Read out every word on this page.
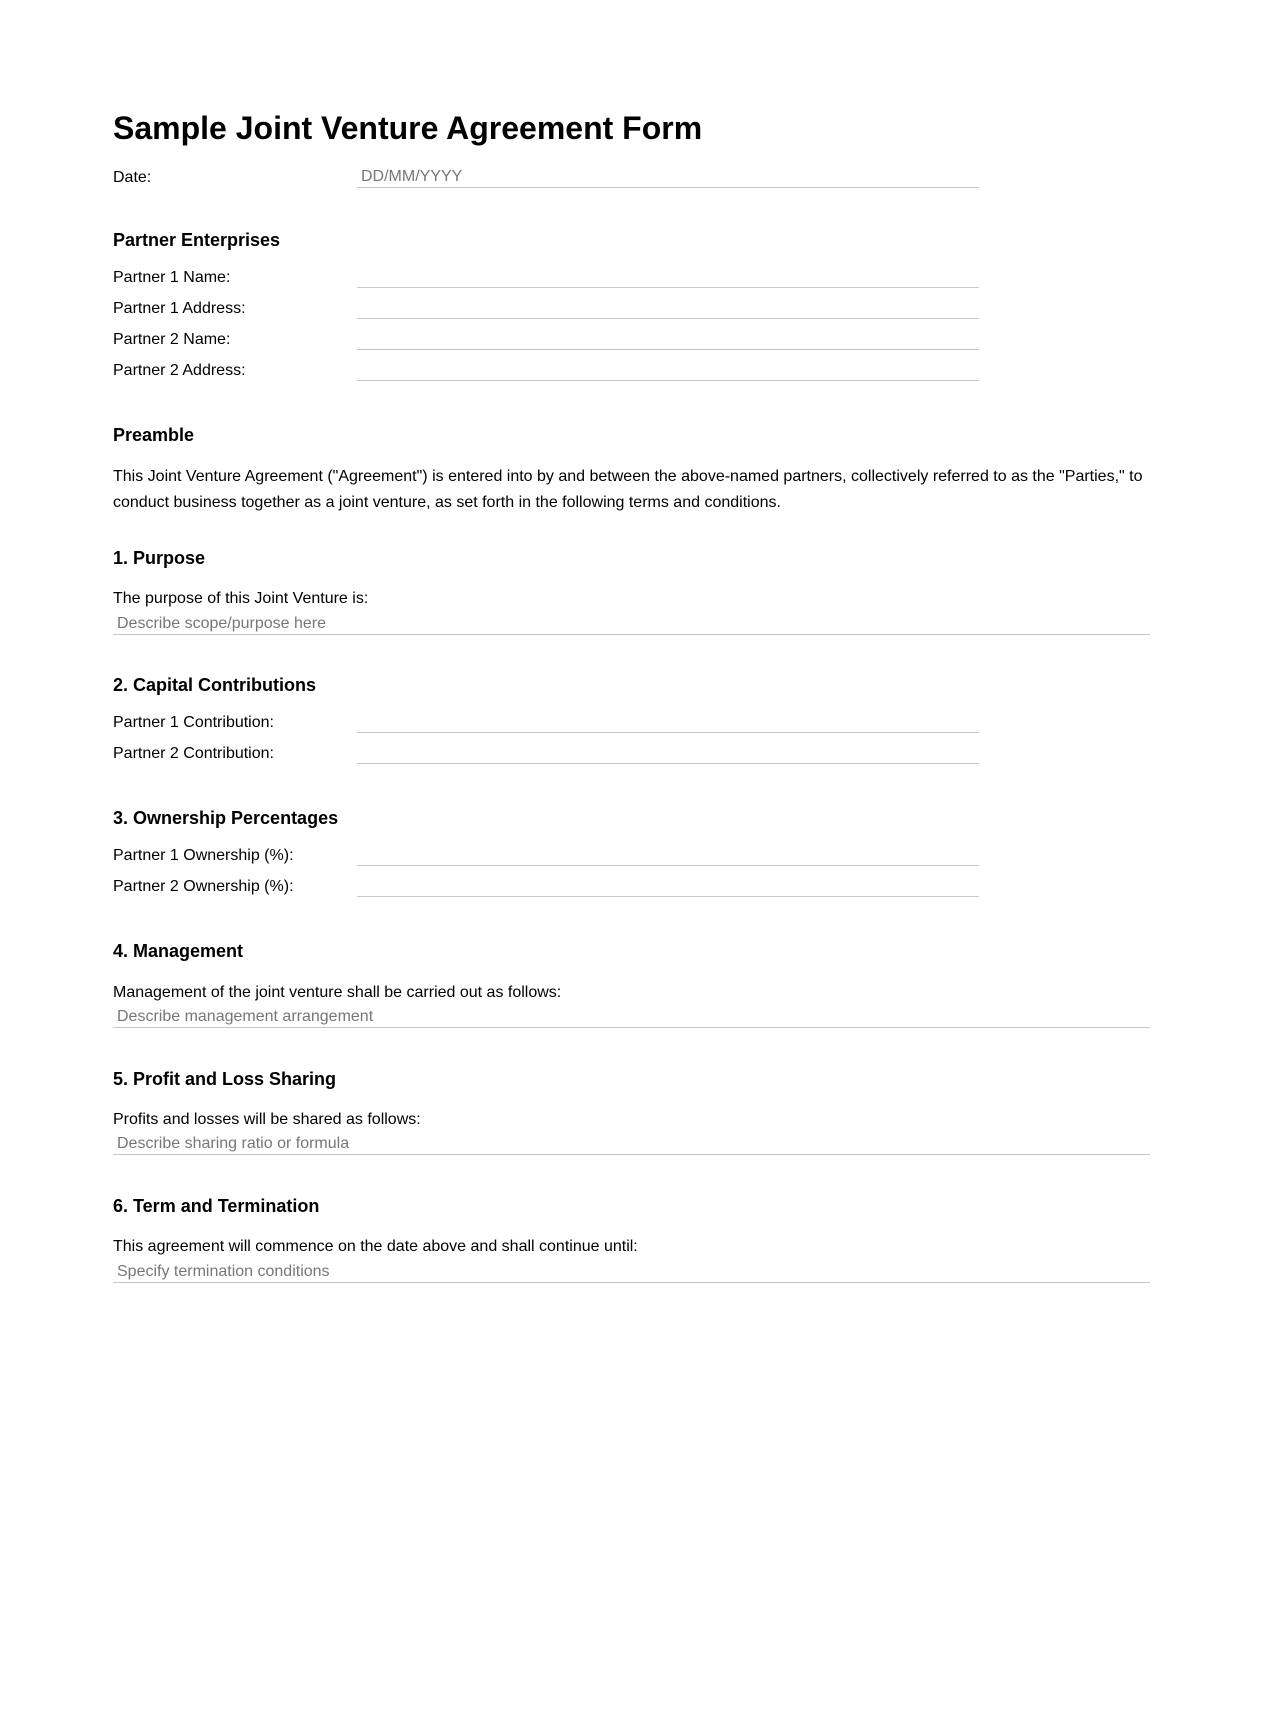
Sample Joint Venture Agreement Form
Date:
DD/MM/YYYY
Partner Enterprises
Partner 1 Name:
Partner 1 Address:
Partner 2 Name:
Partner 2 Address:
Preamble
This Joint Venture Agreement ("Agreement") is entered into by and between the above-named partners, collectively referred to as the "Parties," to conduct business together as a joint venture, as set forth in the following terms and conditions.
1. Purpose
The purpose of this Joint Venture is:
Describe scope/purpose here
2. Capital Contributions
Partner 1 Contribution:
Partner 2 Contribution:
3. Ownership Percentages
Partner 1 Ownership (%):
Partner 2 Ownership (%):
4. Management
Management of the joint venture shall be carried out as follows:
Describe management arrangement
5. Profit and Loss Sharing
Profits and losses will be shared as follows:
Describe sharing ratio or formula
6. Term and Termination
This agreement will commence on the date above and shall continue until:
Specify termination conditions
